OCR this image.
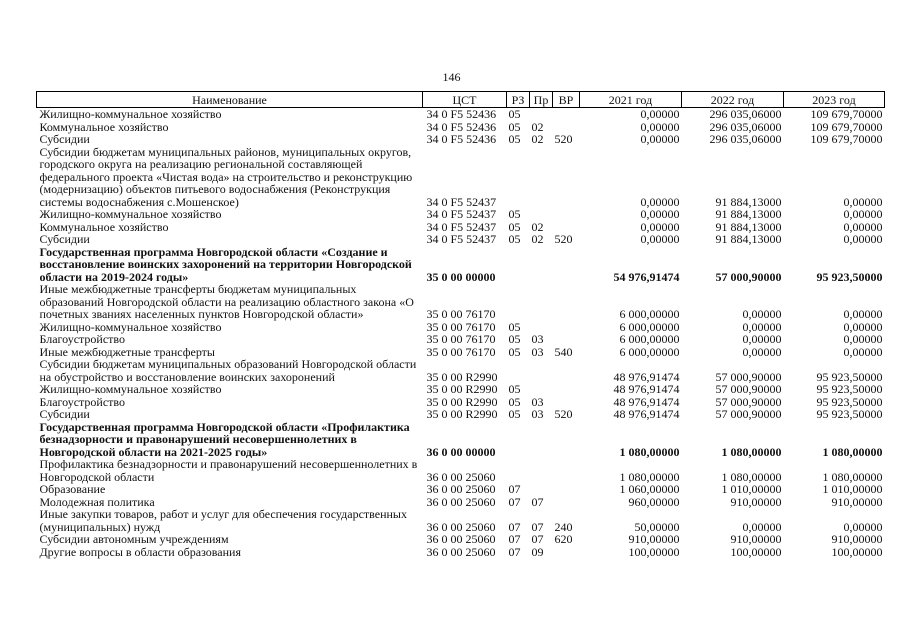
146
Наименование	ЦСТ	РЗ	Пр	ВР	2021 год	2022 год	2023 год
Жилищно-коммунальное хозяйство	34 0 F5 52436	05			0,00000	296 035,06000	109 679,70000
Коммунальное хозяйство	34 0 F5 52436	05	02		0,00000	296 035,06000	109 679,70000
Субсидии	34 0 F5 52436	05	02	520	0,00000	296 035,06000	109 679,70000
Субсидии бюджетам муниципальных районов, муниципальных округов, городского округа на реализацию региональной составляющей федерального проекта «Чистая вода» на строительство и реконструкцию (модернизацию) объектов питьевого водоснабжения (Реконструкция системы водоснабжения с.Мошенское)	34 0 F5 52437				0,00000	91 884,13000	0,00000
Жилищно-коммунальное хозяйство	34 0 F5 52437	05			0,00000	91 884,13000	0,00000
Коммунальное хозяйство	34 0 F5 52437	05	02		0,00000	91 884,13000	0,00000
Субсидии	34 0 F5 52437	05	02	520	0,00000	91 884,13000	0,00000
Государственная программа Новгородской области «Создание и восстановление воинских захоронений на территории Новгородской области на 2019-2024 годы»	35 0 00 00000				54 976,91474	57 000,90000	95 923,50000
Иные межбюджетные трансферты бюджетам муниципальных образований Новгородской области на реализацию областного закона «О почетных званиях населенных пунктов Новгородской области»	35 0 00 76170				6 000,00000	0,00000	0,00000
Жилищно-коммунальное хозяйство	35 0 00 76170	05			6 000,00000	0,00000	0,00000
Благоустройство	35 0 00 76170	05	03		6 000,00000	0,00000	0,00000
Иные межбюджетные трансферты	35 0 00 76170	05	03	540	6 000,00000	0,00000	0,00000
Субсидии бюджетам муниципальных образований Новгородской области на обустройство и восстановление воинских захоронений	35 0 00 R2990				48 976,91474	57 000,90000	95 923,50000
Жилищно-коммунальное хозяйство	35 0 00 R2990	05			48 976,91474	57 000,90000	95 923,50000
Благоустройство	35 0 00 R2990	05	03		48 976,91474	57 000,90000	95 923,50000
Субсидии	35 0 00 R2990	05	03	520	48 976,91474	57 000,90000	95 923,50000
Государственная программа Новгородской области «Профилактика безнадзорности и правонарушений несовершеннолетних в Новгородской области на 2021-2025 годы»	36 0 00 00000				1 080,00000	1 080,00000	1 080,00000
Профилактика безнадзорности и правонарушений несовершеннолетних в Новгородской области	36 0 00 25060				1 080,00000	1 080,00000	1 080,00000
Образование	36 0 00 25060	07			1 060,00000	1 010,00000	1 010,00000
Молодежная политика	36 0 00 25060	07	07		960,00000	910,00000	910,00000
Иные закупки товаров, работ и услуг для обеспечения государственных (муниципальных) нужд	36 0 00 25060	07	07	240	50,00000	0,00000	0,00000
Субсидии автономным учреждениям	36 0 00 25060	07	07	620	910,00000	910,00000	910,00000
Другие вопросы в области образования	36 0 00 25060	07	09		100,00000	100,00000	100,00000
